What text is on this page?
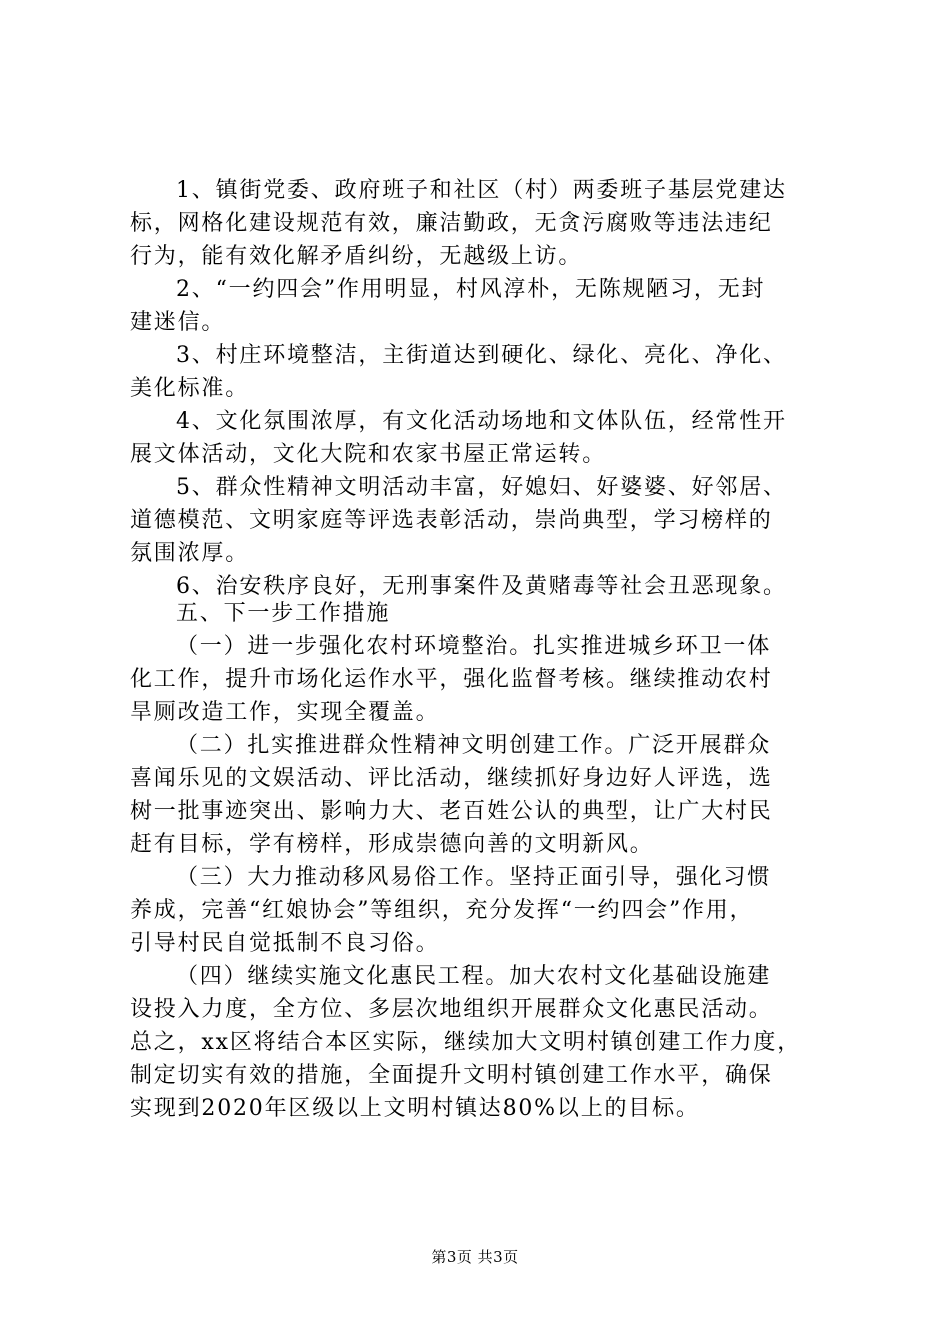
1、镇街党委、政府班子和社区（村）两委班子基层党建达

标，网格化建设规范有效，廉洁勤政，无贪污腐败等违法违纪

行为，能有效化解矛盾纠纷，无越级上访。

2、“一约四会”作用明显，村风淳朴，无陈规陋习，无封

建迷信。

3、村庄环境整洁，主街道达到硬化、绿化、亮化、净化、

美化标准。

4、文化氛围浓厚，有文化活动场地和文体队伍，经常性开

展文体活动，文化大院和农家书屋正常运转。

5、群众性精神文明活动丰富，好媳妇、好婆婆、好邻居、

道德模范、文明家庭等评选表彰活动，崇尚典型，学习榜样的

氛围浓厚。

6、治安秩序良好，无刑事案件及黄赌毒等社会丑恶现象。

五、下一步工作措施

（一）进一步强化农村环境整治。扎实推进城乡环卫一体

化工作，提升市场化运作水平，强化监督考核。继续推动农村

旱厕改造工作，实现全覆盖。

（二）扎实推进群众性精神文明创建工作。广泛开展群众

喜闻乐见的文娱活动、评比活动，继续抓好身边好人评选，选

树一批事迹突出、影响力大、老百姓公认的典型，让广大村民

赶有目标，学有榜样，形成崇德向善的文明新风。

（三）大力推动移风易俗工作。坚持正面引导，强化习惯

养成，完善“红娘协会”等组织，充分发挥“一约四会”作用，

引导村民自觉抵制不良习俗。

（四）继续实施文化惠民工程。加大农村文化基础设施建

设投入力度，全方位、多层次地组织开展群众文化惠民活动。

总之，xx区将结合本区实际，继续加大文明村镇创建工作力度，

制定切实有效的措施，全面提升文明村镇创建工作水平，确保

实现到2020年区级以上文明村镇达80%以上的目标。

第3页 共3页
